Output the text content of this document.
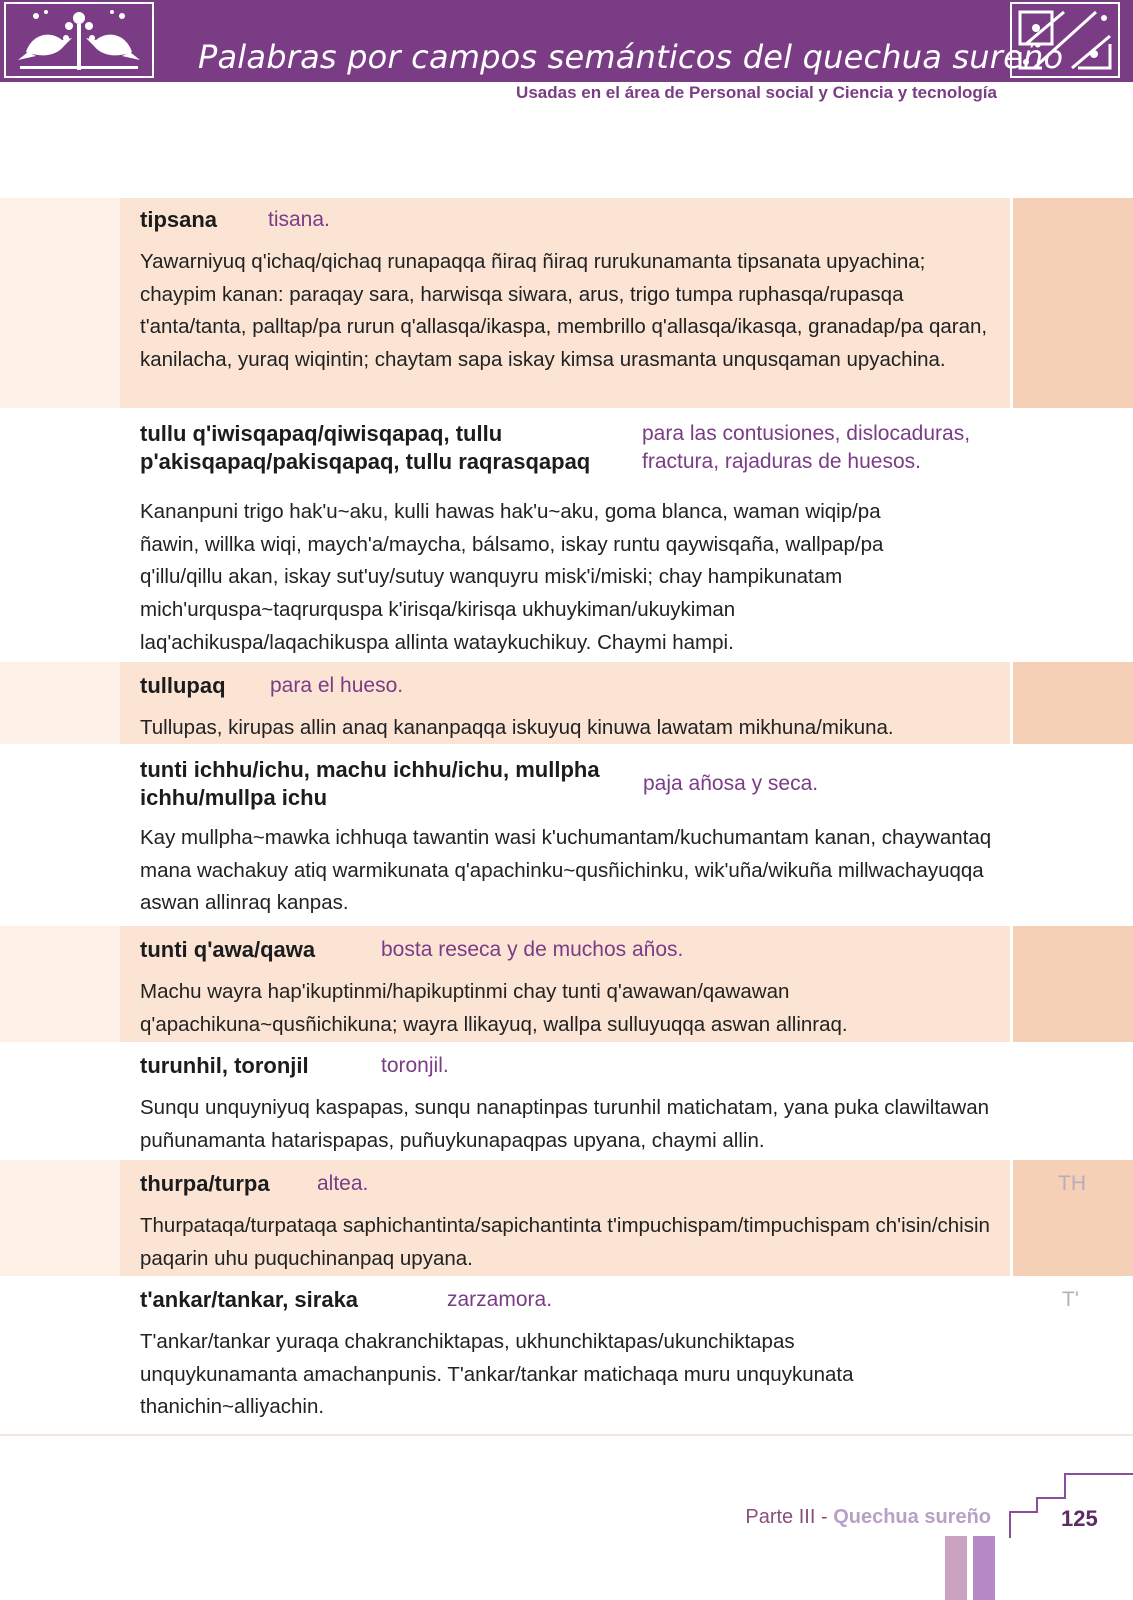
Palabras por campos semánticos del quechua sureño
Usadas en el área de Personal social y Ciencia y tecnología
tipsana tisana.
Yawarniyuq q'ichaq/qichaq runapaqqa ñiraq ñiraq rurukunamanta tipsanata upyachina; chaypim kanan: paraqay sara, harwisqa siwara, arus, trigo tumpa ruphasqa/rupasqa t'anta/tanta, palltap/pa rurun q'allasqa/ikaspa, membrillo q'allasqa/ikasqa, granadap/pa qaran, kanilacha, yuraq wiqintin; chaytam sapa iskay kimsa urasmanta unqusqaman upyachina.
tullu q'iwisqapaq/qiwisqapaq, tullu p'akisqapaq/pakisqapaq, tullu raqrasqapaq
para las contusiones, dislocaduras, fractura, rajaduras de huesos.
Kananpuni trigo hak'u~aku, kulli hawas hak'u~aku, goma blanca, waman wiqip/pa ñawin, willka wiqi, maych'a/maycha, bálsamo, iskay runtu qaywisqaña, wallpap/pa q'illu/qillu akan, iskay sut'uy/sutuy wanquyru misk'i/miski; chay hampikunatam mich'urquspa~taqrurquspa k'irisqa/kirisqa ukhuykiman/ukuykiman laq'achikuspa/laqachikuspa allinta wataykuchikuy. Chaymi hampi.
tullupaq para el hueso.
Tullupas, kirupas allin anaq kananpaqqa iskuyuq kinuwa lawatam mikhuna/mikuna.
tunti ichhu/ichu, machu ichhu/ichu, mullpha ichhu/mullpa ichu
paja añosa y seca.
Kay mullpha~mawka ichhuqa tawantin wasi k'uchumantam/kuchumantam kanan, chaywantaq mana wachakuy atiq warmikunata q'apachinku~qusñichinku, wik'uña/wikuña millwachayuqqa aswan allinraq kanpas.
tunti q'awa/qawa	bosta reseca y de muchos años.
Machu wayra hap'ikuptinmi/hapikuptinmi chay tunti q'awawan/qawawan q'apachikuna~qusñichikuna; wayra llikayuq, wallpa sulluyuqqa aswan allinraq.
turunhil, toronjil	toronjil.
Sunqu unquyniyuq kaspapas, sunqu nanaptinpas turunhil matichatam, yana puka clawiltawan puñunamanta hatarispapas, puñuykunapaqpas upyana, chaymi allin.
thurpa/turpa altea.
Thurpataqa/turpataqa saphichantinta/sapichantinta t'impuchispam/timpuchispam ch'isin/chisin paqarin uhu puquchinanpaq upyana.
TH
t'ankar/tankar, siraka	zarzamora.
T'ankar/tankar yuraqa chakranchiktapas, ukhunchiktapas/ukunchiktapas unquykunamanta amachanpunis. T'ankar/tankar matichaqa muru unquykunata thanichin~alliyachin.
T'
Parte III - Quechua sureño	125
